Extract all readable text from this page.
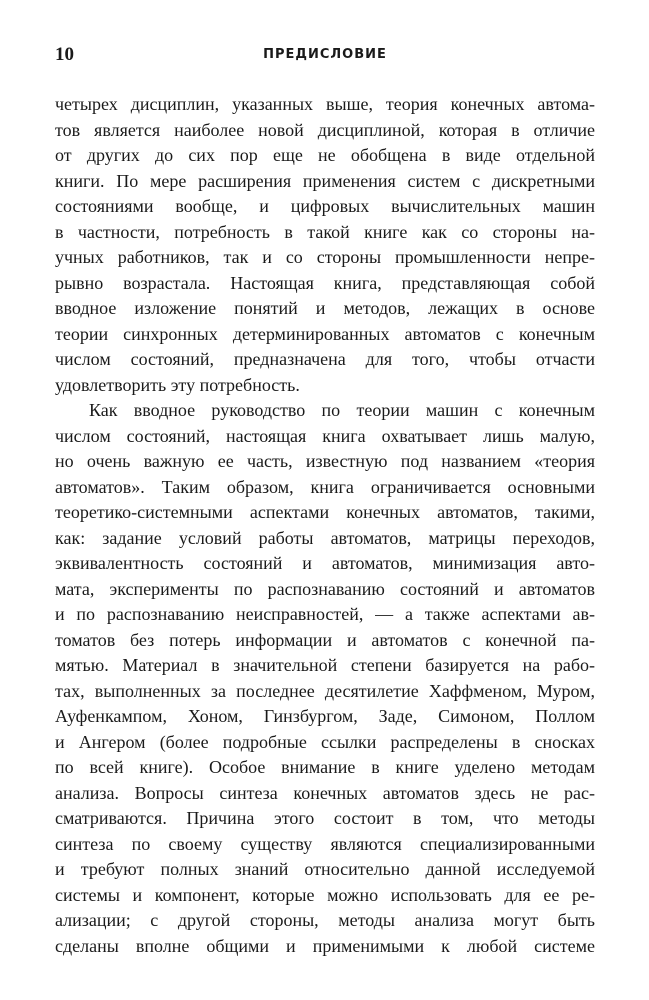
10	ПРЕДИСЛОВИЕ
четырех дисциплин, указанных выше, теория конечных автома-
тов является наиболее новой дисциплиной, которая в отличие
от других до сих пор еще не обобщена в виде отдельной
книги. По мере расширения применения систем с дискретными
состояниями вообще, и цифровых вычислительных машин
в частности, потребность в такой книге как со стороны на-
учных работников, так и со стороны промышленности непре-
рывно возрастала. Настоящая книга, представляющая собой
вводное изложение понятий и методов, лежащих в основе
теории синхронных детерминированных автоматов с конечным
числом состояний, предназначена для того, чтобы отчасти
удовлетворить эту потребность.
Как вводное руководство по теории машин с конечным
числом состояний, настоящая книга охватывает лишь малую,
но очень важную ее часть, известную под названием «теория
автоматов». Таким образом, книга ограничивается основными
теоретико-системными аспектами конечных автоматов, такими,
как: задание условий работы автоматов, матрицы переходов,
эквивалентность состояний и автоматов, минимизация авто-
мата, эксперименты по распознаванию состояний и автоматов
и по распознаванию неисправностей, — а также аспектами ав-
томатов без потерь информации и автоматов с конечной па-
мятью. Материал в значительной степени базируется на рабо-
тах, выполненных за последнее десятилетие Хаффменом, Муром,
Ауфенкампом, Хоном, Гинзбургом, Заде, Симоном, Поллом
и Ангером (более подробные ссылки распределены в сносках
по всей книге). Особое внимание в книге уделено методам
анализа. Вопросы синтеза конечных автоматов здесь не рас-
сматриваются. Причина этого состоит в том, что методы
синтеза по своему существу являются специализированными
и требуют полных знаний относительно данной исследуемой
системы и компонент, которые можно использовать для ее ре-
ализации; с другой стороны, методы анализа могут быть
сделаны вполне общими и применимыми к любой системе
